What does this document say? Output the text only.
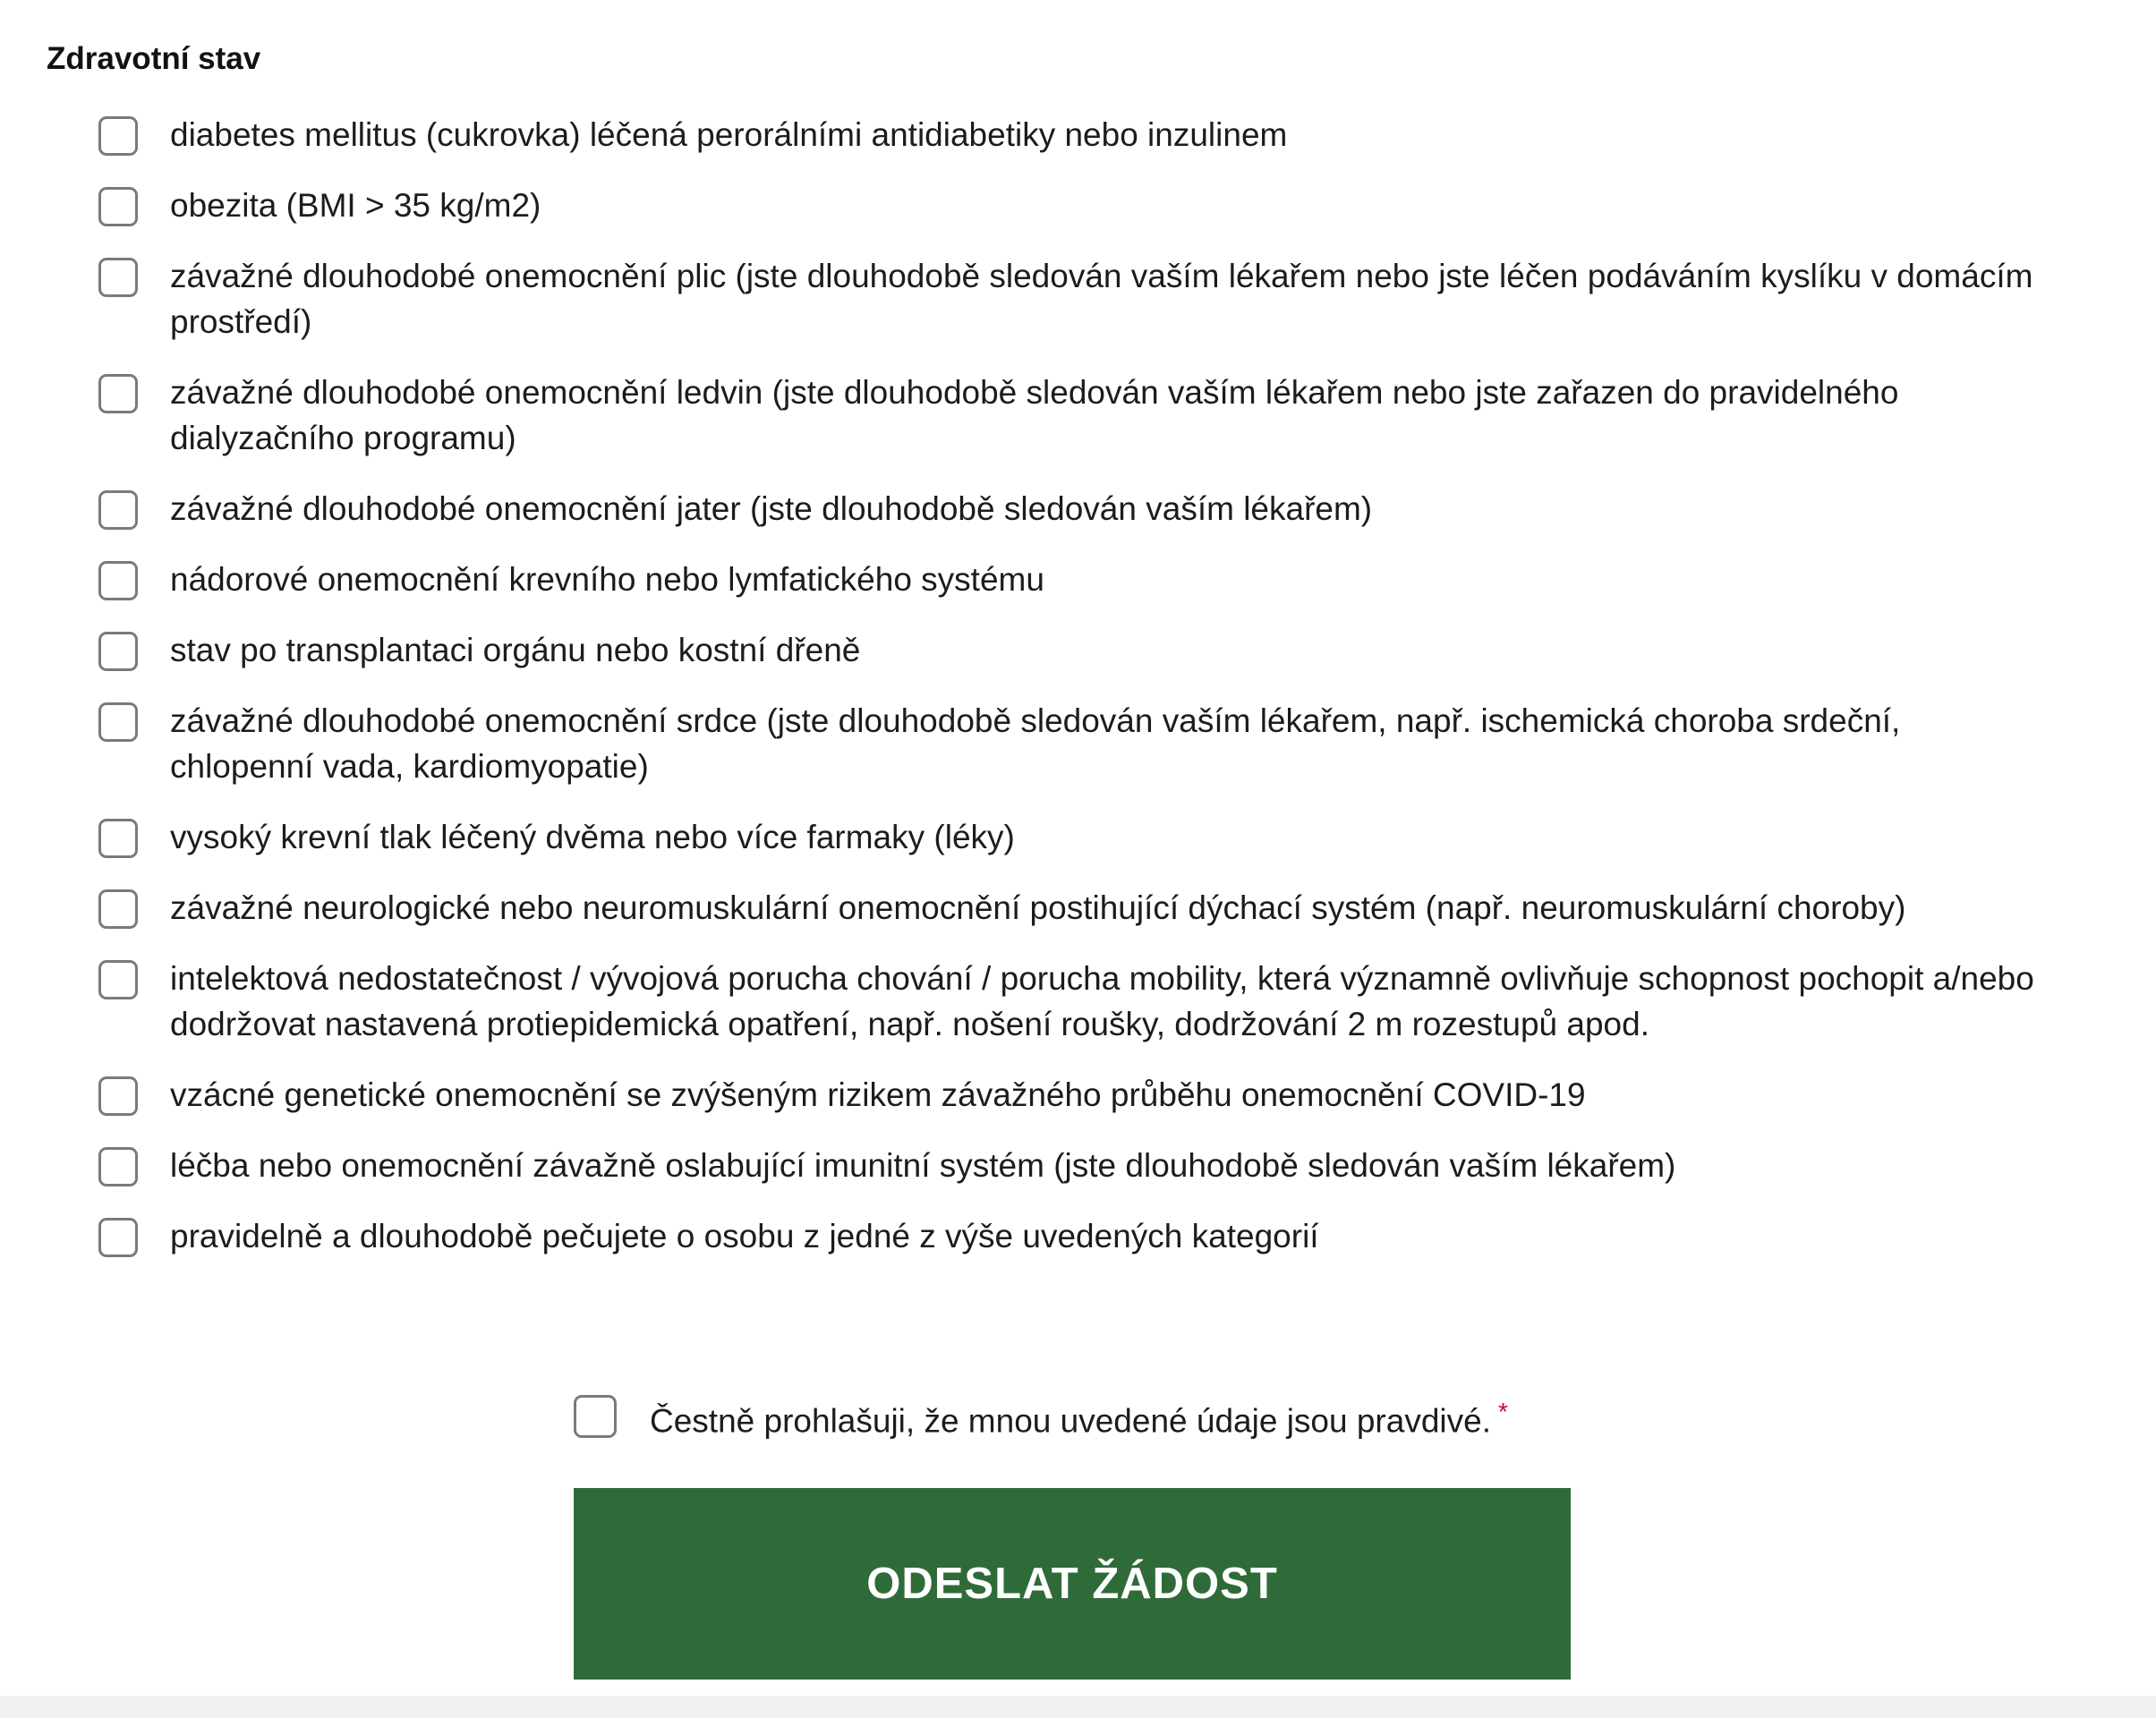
Zdravotní stav
diabetes mellitus (cukrovka) léčená perorálními antidiabetiky nebo inzulinem
obezita (BMI > 35 kg/m2)
závažné dlouhodobé onemocnění plic (jste dlouhodobě sledován vaším lékařem nebo jste léčen podáváním kyslíku v domácím prostředí)
závažné dlouhodobé onemocnění ledvin (jste dlouhodobě sledován vaším lékařem nebo jste zařazen do pravidelného dialyzačního programu)
závažné dlouhodobé onemocnění jater (jste dlouhodobě sledován vaším lékařem)
nádorové onemocnění krevního nebo lymfatického systému
stav po transplantaci orgánu nebo kostní dřeně
závažné dlouhodobé onemocnění srdce (jste dlouhodobě sledován vaším lékařem, např. ischemická choroba srdeční, chlopenní vada, kardiomyopatie)
vysoký krevní tlak léčený dvěma nebo více farmaky (léky)
závažné neurologické nebo neuromuskulární onemocnění postihující dýchací systém (např. neuromuskulární choroby)
intelektová nedostatečnost / vývojová porucha chování / porucha mobility, která významně ovlivňuje schopnost pochopit a/nebo dodržovat nastavená protiepidemická opatření, např. nošení roušky, dodržování 2 m rozestupů apod.
vzácné genetické onemocnění se zvýšeným rizikem závažného průběhu onemocnění COVID-19
léčba nebo onemocnění závažně oslabující imunitní systém (jste dlouhodobě sledován vaším lékařem)
pravidelně a dlouhodobě pečujete o osobu z jedné z výše uvedených kategorií
Čestně prohlašuji, že mnou uvedené údaje jsou pravdivé. *
ODESLAT ŽÁDOST
